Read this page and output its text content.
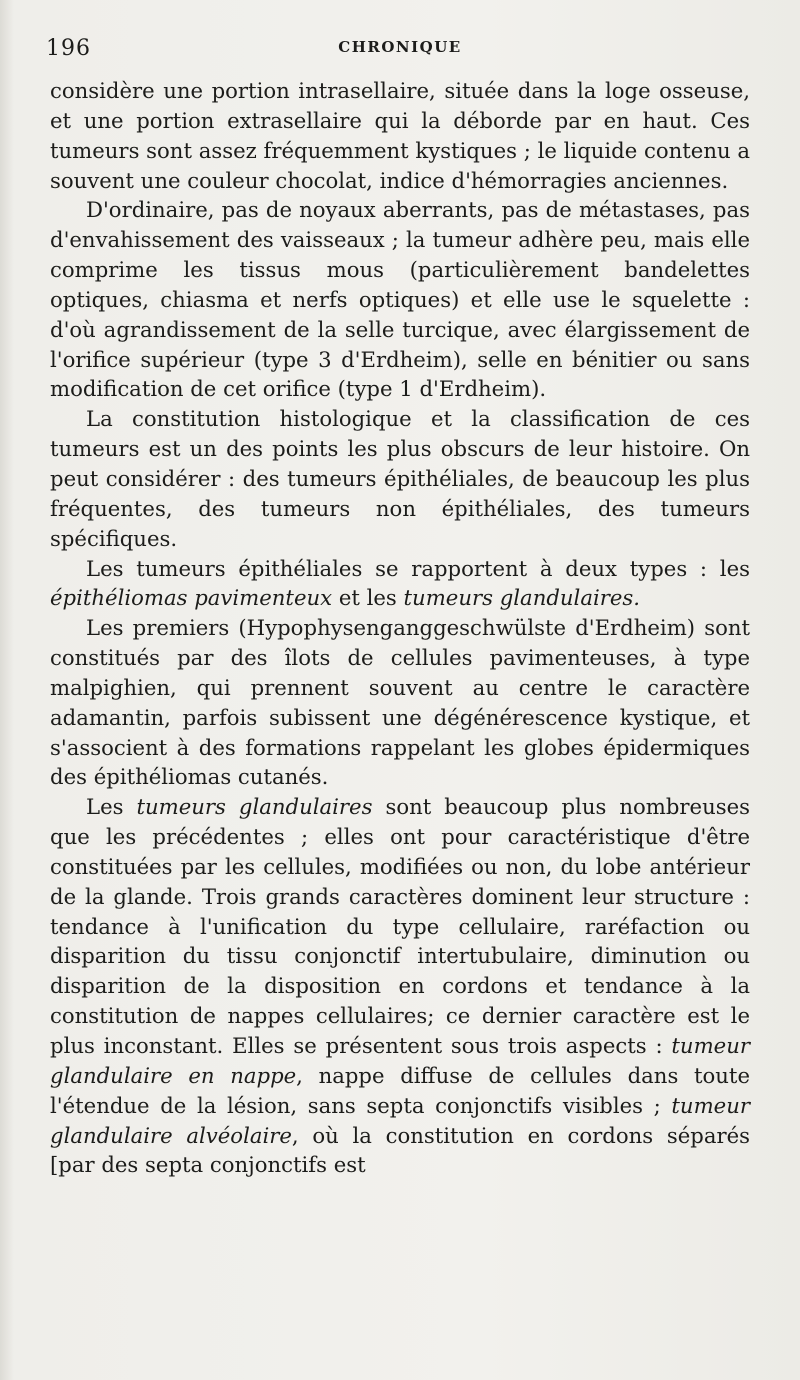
196	CHRONIQUE

considère une portion intrasellaire, située dans la loge osseuse, et une portion extrasellaire qui la déborde par en haut. Ces tumeurs sont assez fréquemment kystiques ; le liquide contenu a souvent une couleur chocolat, indice d'hémorragies anciennes.

D'ordinaire, pas de noyaux aberrants, pas de métastases, pas d'envahissement des vaisseaux ; la tumeur adhère peu, mais elle comprime les tissus mous (particulièrement bandelettes optiques, chiasma et nerfs optiques) et elle use le squelette : d'où agrandissement de la selle turcique, avec élargissement de l'orifice supérieur (type 3 d'Erdheim), selle en bénitier ou sans modification de cet orifice (type 1 d'Erdheim).

La constitution histologique et la classification de ces tumeurs est un des points les plus obscurs de leur histoire. On peut considérer : des tumeurs épithéliales, de beaucoup les plus fréquentes, des tumeurs non épithéliales, des tumeurs spécifiques.

Les tumeurs épithéliales se rapportent à deux types : les épithéliomas pavimenteux et les tumeurs glandulaires.

Les premiers (Hypophysenganggeschwülste d'Erdheim) sont constitués par des îlots de cellules pavimenteuses, à type malpighien, qui prennent souvent au centre le caractère adamantin, parfois subissent une dégénérescence kystique, et s'associent à des formations rappelant les globes épidermiques des épithéliomas cutanés.

Les tumeurs glandulaires sont beaucoup plus nombreuses que les précédentes ; elles ont pour caractéristique d'être constituées par les cellules, modifiées ou non, du lobe antérieur de la glande. Trois grands caractères dominent leur structure : tendance à l'unification du type cellulaire, raréfaction ou disparition du tissu conjonctif intertubulaire, diminution ou disparition de la disposition en cordons et tendance à la constitution de nappes cellulaires; ce dernier caractère est le plus inconstant. Elles se présentent sous trois aspects : tumeur glandulaire en nappe, nappe diffuse de cellules dans toute l'étendue de la lésion, sans septa conjonctifs visibles ; tumeur glandulaire alvéolaire, où la constitution en cordons séparés [par des septa conjonctifs est
